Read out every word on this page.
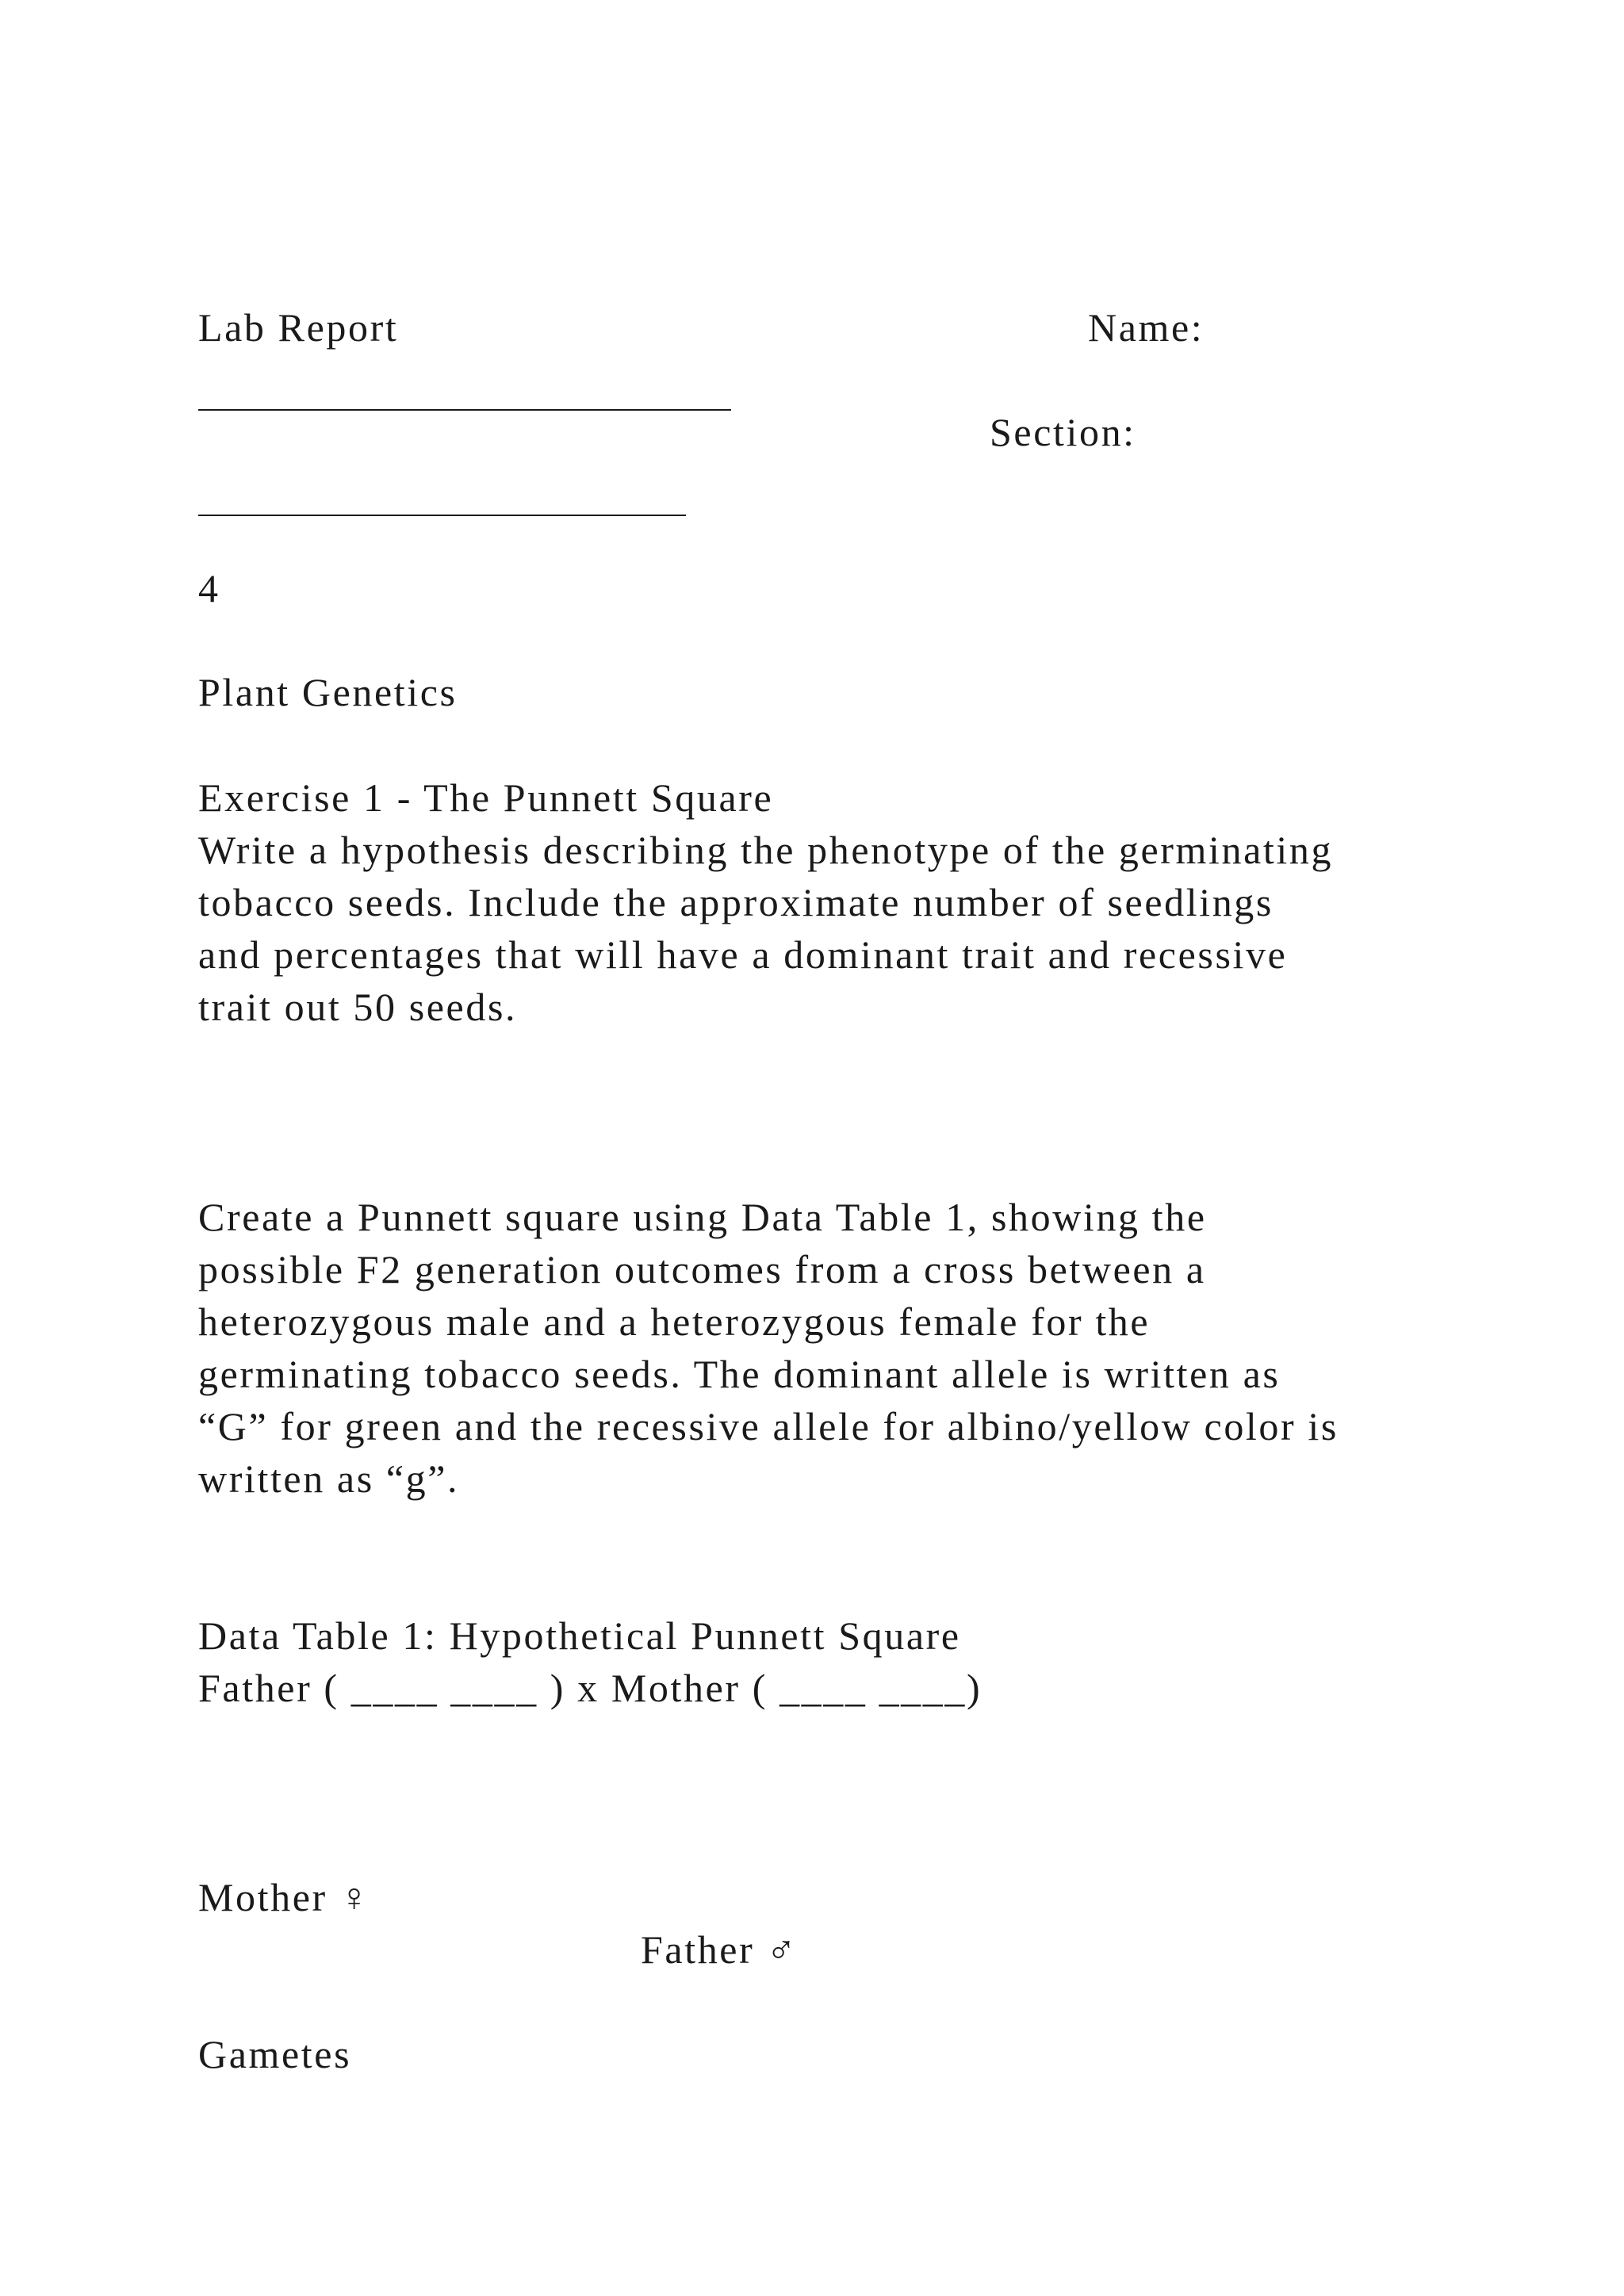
Lab Report	Name:

Section:

4

Plant Genetics

Exercise 1 - The Punnett Square

Write a hypothesis describing the phenotype of the germinating

tobacco seeds. Include the approximate number of seedlings

and percentages that will have a dominant trait and recessive

trait out 50 seeds.

Create a Punnett square using Data Table 1, showing the

possible F2 generation outcomes from a cross between a

heterozygous male and a heterozygous female for the

germinating tobacco seeds. The dominant allele is written as

“G” for green and the recessive allele for albino/yellow color is

written as “g”.

Data Table 1: Hypothetical Punnett Square

Father ( ____ ____ ) x Mother ( ____ ____)

Mother ♀

Father ♂

Gametes
